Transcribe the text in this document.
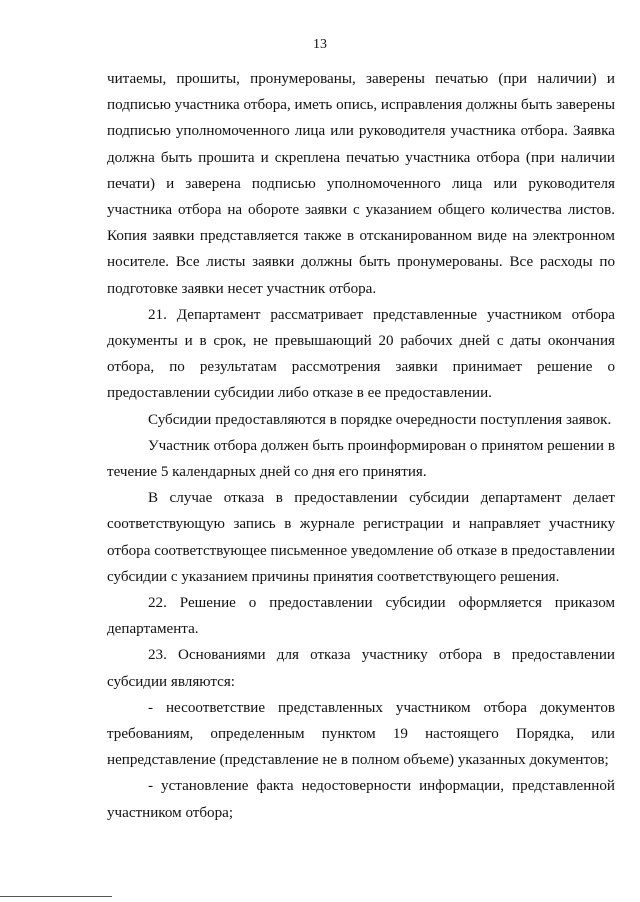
13

читаемы, прошиты, пронумерованы, заверены печатью (при наличии) и подписью участника отбора, иметь опись, исправления должны быть заверены подписью уполномоченного лица или руководителя участника отбора. Заявка должна быть прошита и скреплена печатью участника отбора (при наличии печати) и заверена подписью уполномоченного лица или руководителя участника отбора на обороте заявки с указанием общего количества листов. Копия заявки представляется также в отсканированном виде на электронном носителе. Все листы заявки должны быть пронумерованы. Все расходы по подготовке заявки несет участник отбора.

21. Департамент рассматривает представленные участником отбора документы и в срок, не превышающий 20 рабочих дней с даты окончания отбора, по результатам рассмотрения заявки принимает решение о предоставлении субсидии либо отказе в ее предоставлении.

Субсидии предоставляются в порядке очередности поступления заявок.

Участник отбора должен быть проинформирован о принятом решении в течение 5 календарных дней со дня его принятия.

В случае отказа в предоставлении субсидии департамент делает соответствующую запись в журнале регистрации и направляет участнику отбора соответствующее письменное уведомление об отказе в предоставлении субсидии с указанием причины принятия соответствующего решения.

22. Решение о предоставлении субсидии оформляется приказом департамента.

23. Основаниями для отказа участнику отбора в предоставлении субсидии являются:

- несоответствие представленных участником отбора документов требованиям, определенным пунктом 19 настоящего Порядка, или непредставление (представление не в полном объеме) указанных документов;

- установление факта недостоверности информации, представленной участником отбора;
